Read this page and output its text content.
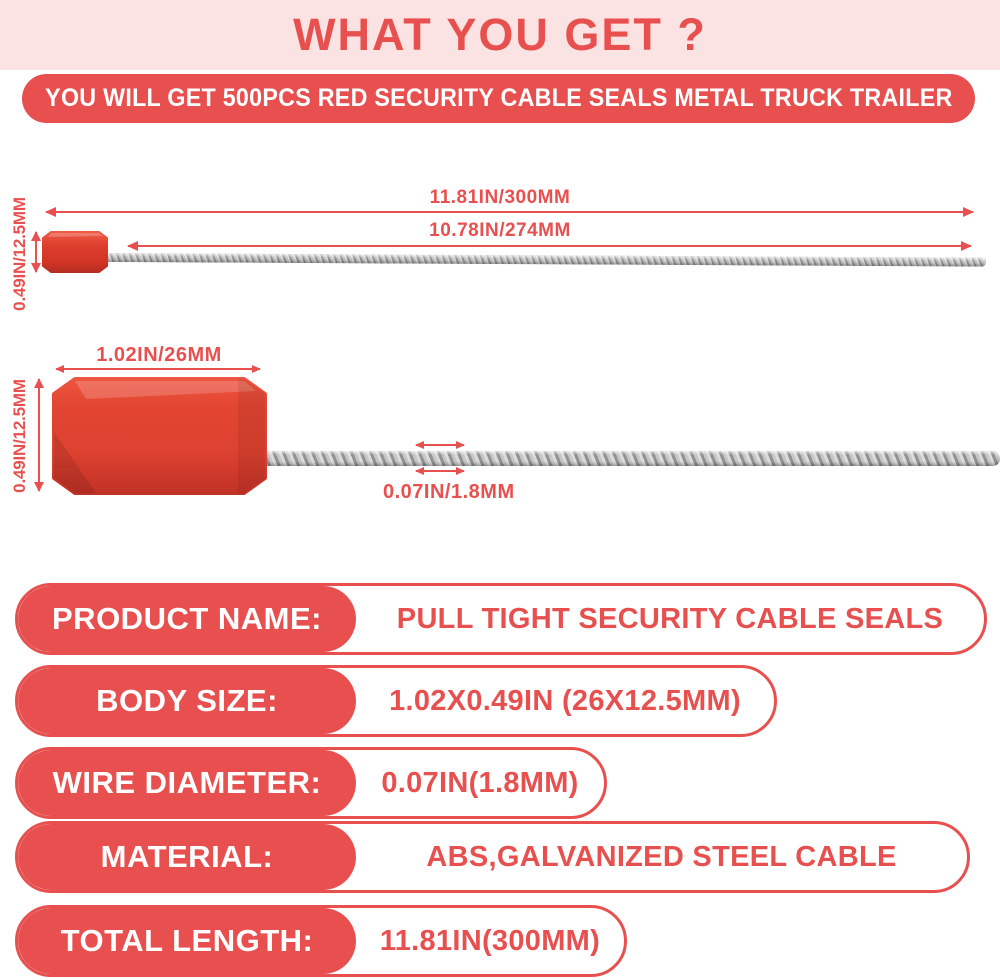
WHAT YOU GET ?
YOU WILL GET 500PCS RED SECURITY CABLE SEALS METAL TRUCK TRAILER
11.81IN/300MM
10.78IN/274MM
0.49IN/12.5MM
1.02IN/26MM
0.49IN/12.5MM	0.07IN/1.8MM
PRODUCT NAME:	PULL TIGHT SECURITY CABLE SEALS
BODY SIZE:	1.02X0.49IN (26X12.5MM)
WIRE DIAMETER:	0.07IN(1.8MM)
MATERIAL:	ABS,GALVANIZED STEEL CABLE
TOTAL LENGTH:	11.81IN(300MM)
